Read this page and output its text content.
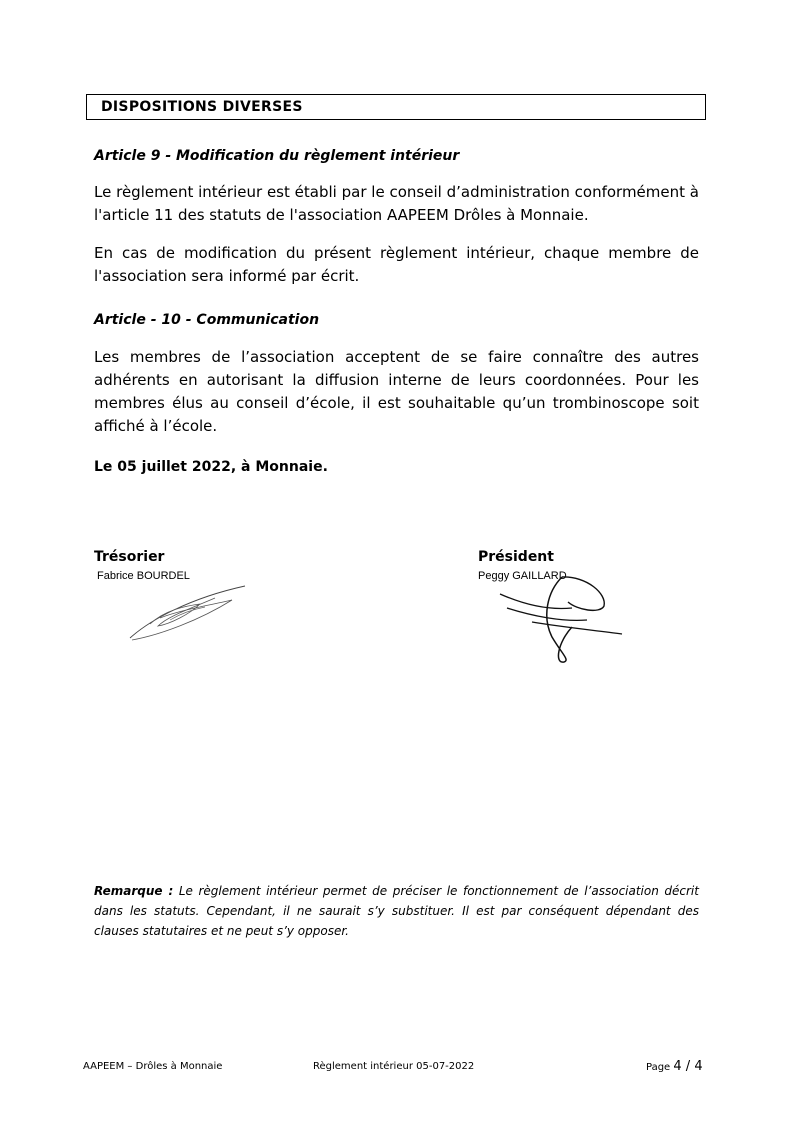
DISPOSITIONS DIVERSES
Article 9 - Modification du règlement intérieur
Le règlement intérieur est établi par le conseil d’administration conformément à l'article 11 des statuts de l'association AAPEEM Drôles à Monnaie.
En cas de modification du présent règlement intérieur, chaque membre de l'association sera informé par écrit.
Article - 10 - Communication
Les membres de l’association acceptent de se faire connaître des autres adhérents en autorisant la diffusion interne de leurs coordonnées. Pour les membres élus au conseil d’école, il est souhaitable qu’un trombinoscope soit affiché à l’école.
Le 05 juillet 2022, à Monnaie.
Trésorier
Fabrice BOURDEL
Président
Peggy GAILLARD
Remarque : Le règlement intérieur permet de préciser le fonctionnement de l’association décrit dans les statuts. Cependant, il ne saurait s’y substituer. Il est par conséquent dépendant des clauses statutaires et ne peut s’y opposer.
AAPEEM – Drôles à Monnaie	Règlement intérieur 05-07-2022	Page 4 / 4
